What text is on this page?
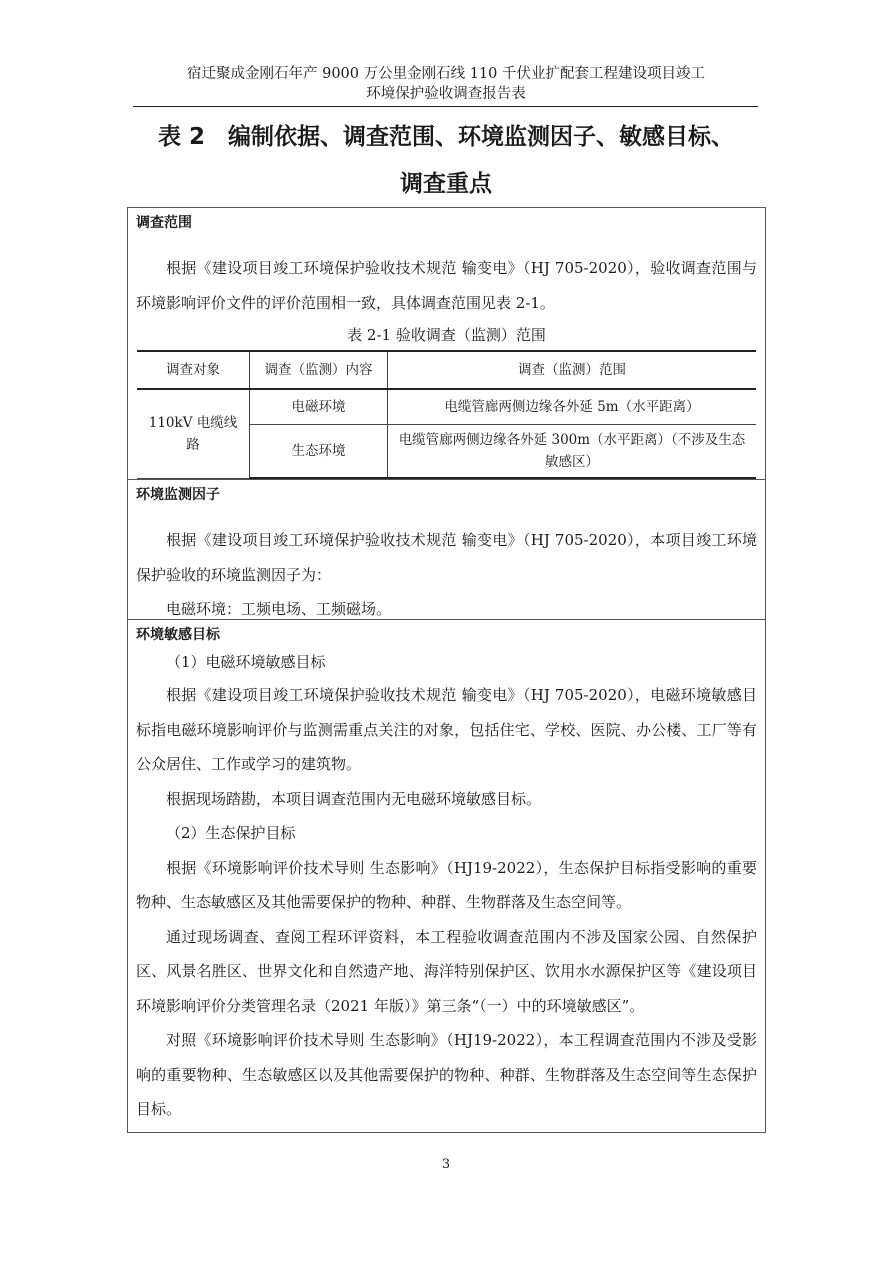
宿迁聚成金刚石年产 9000 万公里金刚石线 110 千伏业扩配套工程建设项目竣工
环境保护验收调查报告表
表 2　编制依据、调查范围、环境监测因子、敏感目标、
调查重点
调查范围

根据《建设项目竣工环境保护验收技术规范 输变电》（HJ 705-2020），验收调查范围与环境影响评价文件的评价范围相一致，具体调查范围见表 2-1。

表 2-1 验收调查（监测）范围
调查对象	调查（监测）内容	调查（监测）范围
110kV 电缆线路	电磁环境	电缆管廊两侧边缘各外延 5m（水平距离）
	生态环境	电缆管廊两侧边缘各外延 300m（水平距离）（不涉及生态敏感区）
环境监测因子

根据《建设项目竣工环境保护验收技术规范 输变电》（HJ 705-2020），本项目竣工环境保护验收的环境监测因子为：

电磁环境：工频电场、工频磁场。

环境敏感目标

（1）电磁环境敏感目标

根据《建设项目竣工环境保护验收技术规范 输变电》（HJ 705-2020），电磁环境敏感目标指电磁环境影响评价与监测需重点关注的对象，包括住宅、学校、医院、办公楼、工厂等有公众居住、工作或学习的建筑物。

根据现场踏勘，本项目调查范围内无电磁环境敏感目标。

（2）生态保护目标

根据《环境影响评价技术导则 生态影响》（HJ19-2022），生态保护目标指受影响的重要物种、生态敏感区及其他需要保护的物种、种群、生物群落及生态空间等。

通过现场调查、查阅工程环评资料，本工程验收调查范围内不涉及国家公园、自然保护区、风景名胜区、世界文化和自然遗产地、海洋特别保护区、饮用水水源保护区等《建设项目环境影响评价分类管理名录（2021 年版）》第三条“（一）中的环境敏感区”。

对照《环境影响评价技术导则 生态影响》（HJ19-2022），本工程调查范围内不涉及受影响的重要物种、生态敏感区以及其他需要保护的物种、种群、生物群落及生态空间等生态保护目标。

3
